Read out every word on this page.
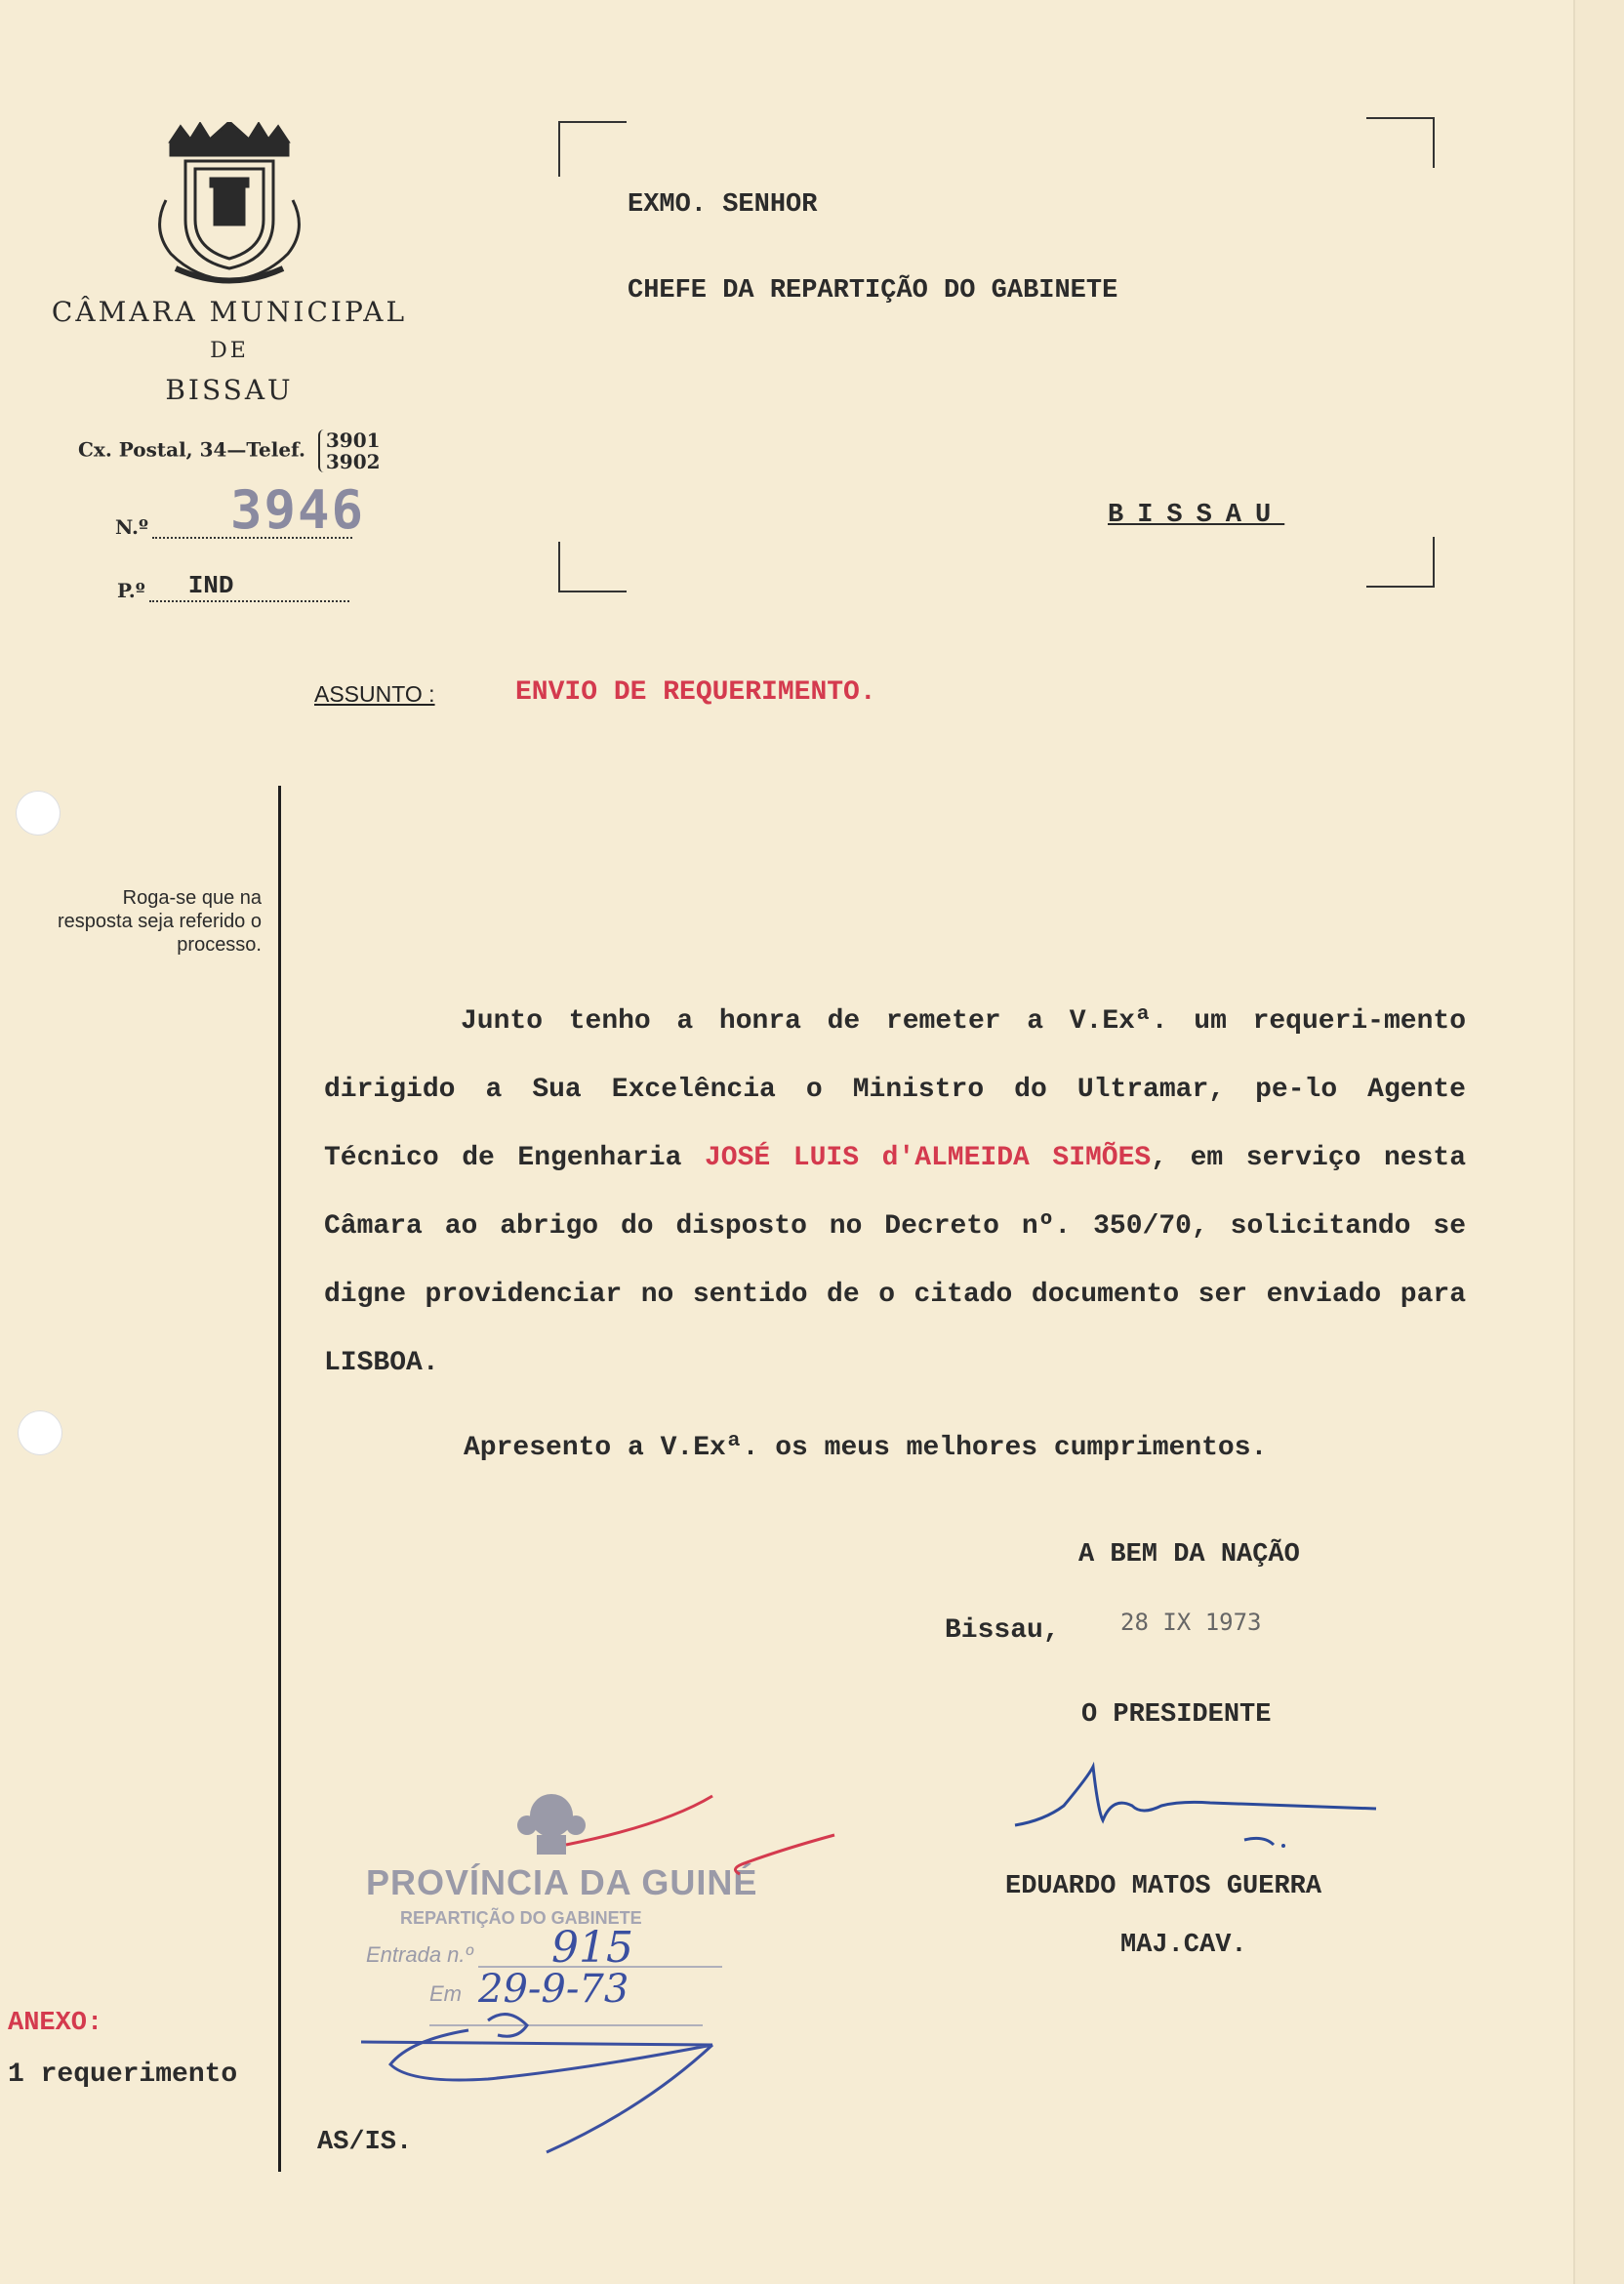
CÂMARA MUNICIPAL
DE
BISSAU
Cx. Postal, 34—Telef. 3901
3902
N.º 3946
P.º IND
EXMO. SENHOR
CHEFE DA REPARTIÇÃO DO GABINETE
BISSAU
ASSUNTO :	ENVIO DE REQUERIMENTO.
Roga-se que na resposta seja referido o processo.

Junto tenho a honra de remeter a V.Exª. um requeri-mento dirigido a Sua Excelência o Ministro do Ultramar, pe-lo Agente Técnico de Engenharia JOSÉ LUIS d'ALMEIDA SIMÕES, em serviço nesta Câmara ao abrigo do disposto no Decreto nº. 350/70, solicitando se digne providenciar no sentido de o citado documento ser enviado para LISBOA.

Apresento a V.Exª. os meus melhores cumprimentos.
A BEM DA NAÇÃO
Bissau,	28 IX 1973
O PRESIDENTE
EDUARDO MATOS GUERRA
MAJ.CAV.
ANEXO:
1 requerimento
AS/IS.
PROVÍNCIA DA GUINÉ
REPARTIÇÃO DO GABINETE
Entrada n.º 915
Em 29-9-73
